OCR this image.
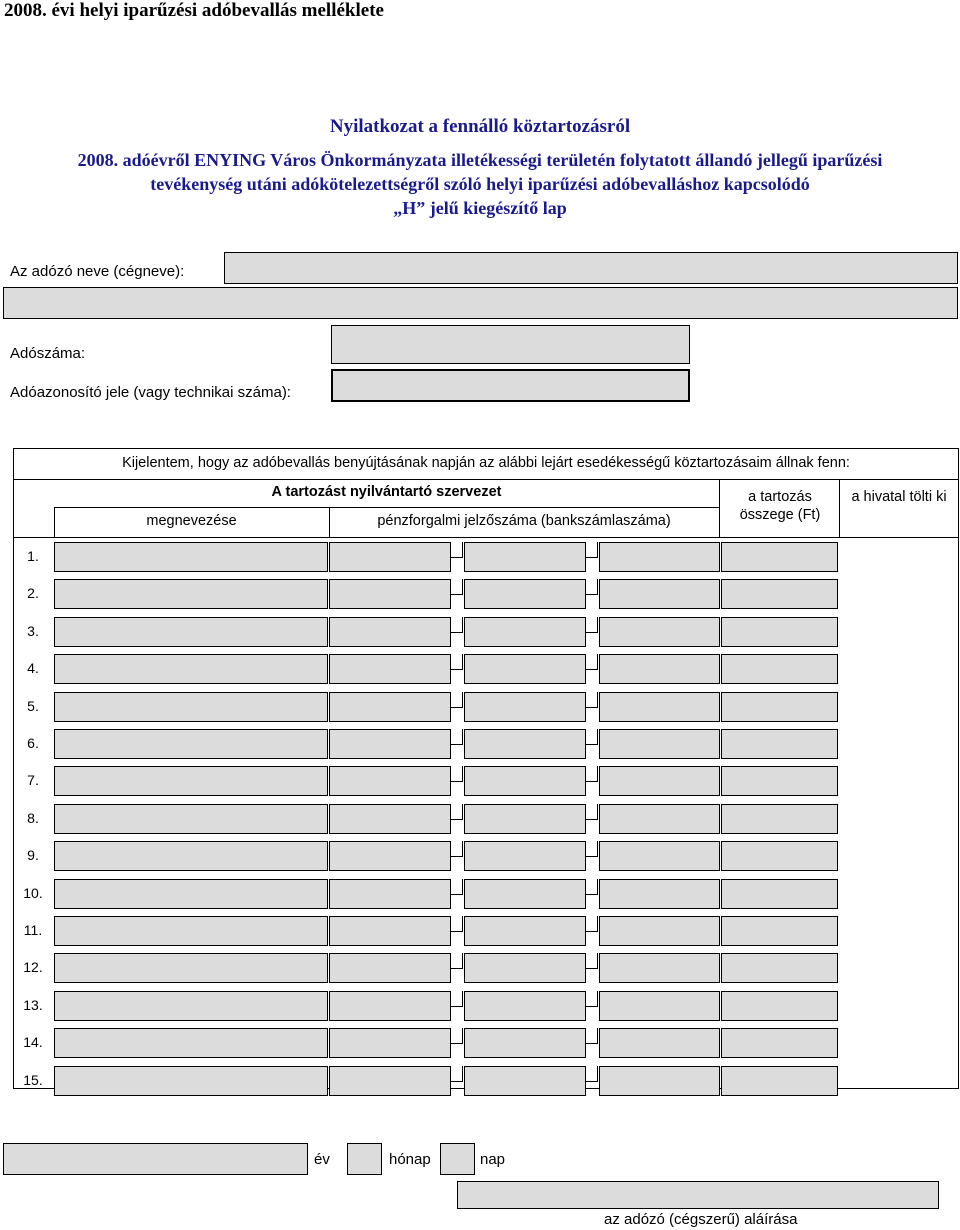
2008. évi helyi iparűzési adóbevallás melléklete
Nyilatkozat a fennálló köztartozásról
2008. adóévről ENYING Város Önkormányzata illetékességi területén folytatott állandó jellegű iparűzési
tevékenység utáni adókötelezettségről szóló helyi iparűzési adóbevalláshoz kapcsolódó
„H” jelű kiegészítő lap
Az adózó neve (cégneve):
Adószáma:
Adóazonosító jele (vagy technikai száma):
Kijelentem, hogy az adóbevallás benyújtásának napján az alábbi lejárt esedékességű köztartozásaim állnak fenn:
A tartozást nyilvántartó szervezet
megnevezése	pénzforgalmi jelzőszáma (bankszámlaszáma)
a tartozás összege (Ft)
a hivatal tölti ki
1.
2.
3.
4.
5.
6.
7.
8.
9.
10.
11.
12.
13.
14.
15.
év	hónap	nap
az adózó (cégszerű) aláírása
